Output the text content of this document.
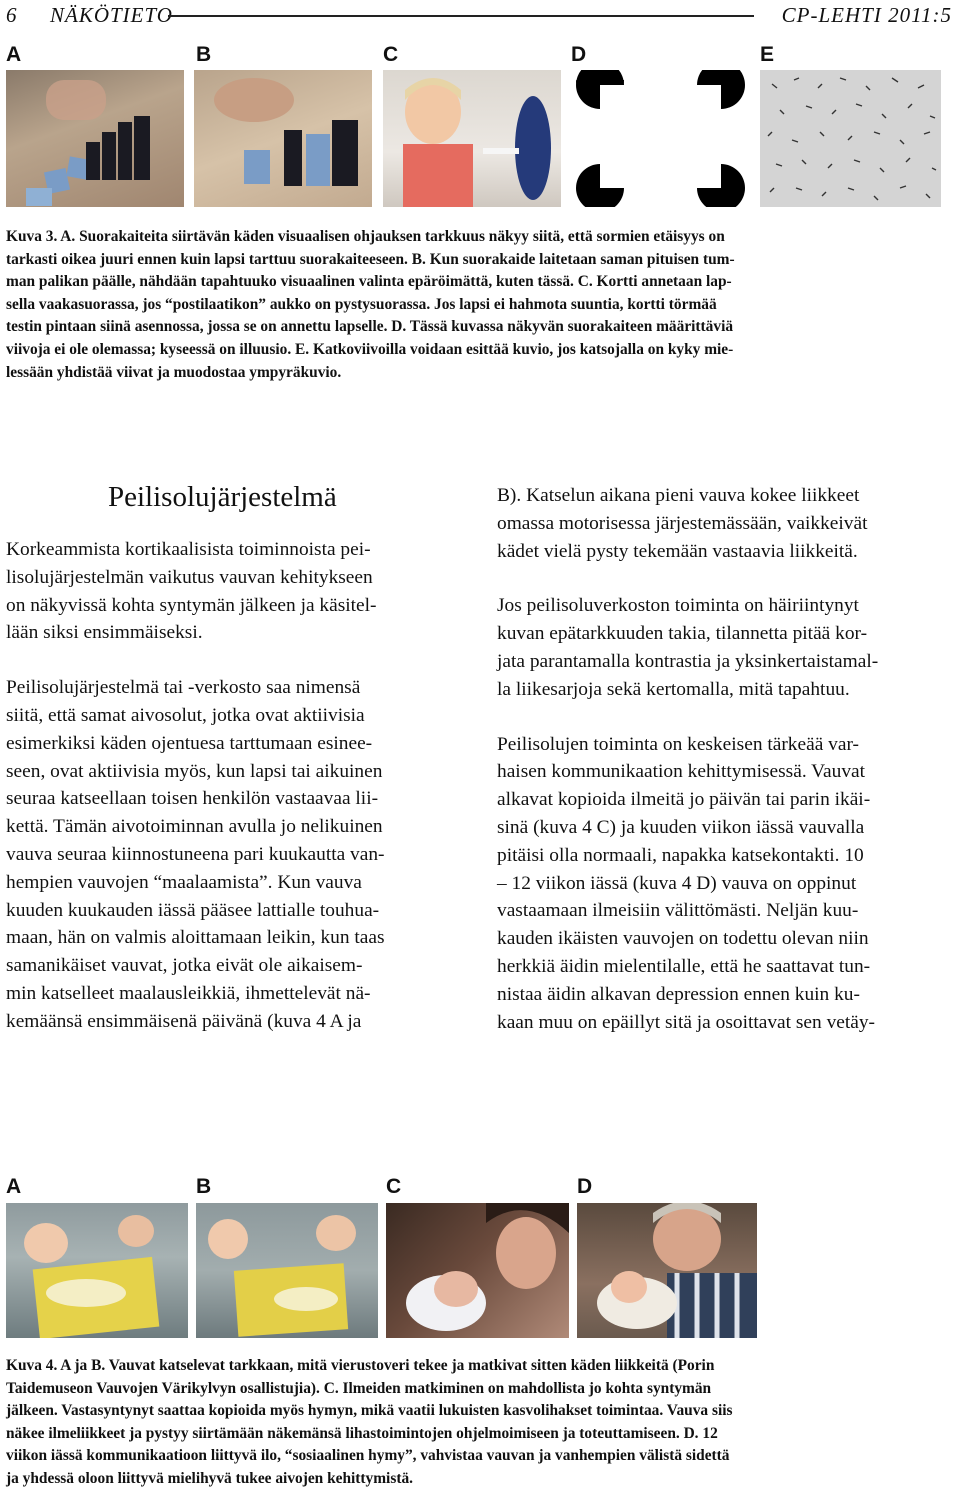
6 NÄKÖTIETO	CP-LEHTI 2011:5
A	B	C	D	E
Kuva 3. A. Suorakaiteita siirtävän käden visuaalisen ohjauksen tarkkuus näkyy siitä, että sormien etäisyys on
tarkasti oikea juuri ennen kuin lapsi tarttuu suorakaiteeseen. B. Kun suorakaide laitetaan saman pituisen tum-
man palikan päälle, nähdään tapahtuuko visuaalinen valinta epäröimättä, kuten tässä. C. Kortti annetaan lap-
sella vaakasuorassa, jos “postilaatikon” aukko on pystysuorassa. Jos lapsi ei hahmota suuntia, kortti törmää
testin pintaan siinä asennossa, jossa se on annettu lapselle. D. Tässä kuvassa näkyvän suorakaiteen määrittäviä
viivoja ei ole olemassa; kyseessä on illuusio. E. Katkoviivoilla voidaan esittää kuvio, jos katsojalla on kyky mie-
lessään yhdistää viivat ja muodostaa ympyräkuvio.
Peilisolujärjestelmä
Korkeammista kortikaalisista toiminnoista pei-
lisolujärjestelmän vaikutus vauvan kehitykseen
on näkyvissä kohta syntymän jälkeen ja käsitel-
lään siksi ensimmäiseksi.
Peilisolujärjestelmä tai -verkosto saa nimensä
siitä, että samat aivosolut, jotka ovat aktiivisia
esimerkiksi käden ojentuesa tarttumaan esinee-
seen, ovat aktiivisia myös, kun lapsi tai aikuinen
seuraa katseellaan toisen henkilön vastaavaa lii-
kettä. Tämän aivotoiminnan avulla jo nelikuinen
vauva seuraa kiinnostuneena pari kuukautta van-
hempien vauvojen “maalaamista”. Kun vauva
kuuden kuukauden iässä pääsee lattialle touhua-
maan, hän on valmis aloittamaan leikin, kun taas
samanikäiset vauvat, jotka eivät ole aikaisem-
min katselleet maalausleikkiä, ihmettelevät nä-
kemäänsä ensimmäisenä päivänä (kuva 4 A ja
B). Katselun aikana pieni vauva kokee liikkeet
omassa motorisessa järjestemässään, vaikkeivät
kädet vielä pysty tekemään vastaavia liikkeitä.
Jos peilisoluverkoston toiminta on häiriintynyt
kuvan epätarkkuuden takia, tilannetta pitää kor-
jata parantamalla kontrastia ja yksinkertaistamal-
la liikesarjoja sekä kertomalla, mitä tapahtuu.
Peilisolujen toiminta on keskeisen tärkeää var-
haisen kommunikaation kehittymisessä. Vauvat
alkavat kopioida ilmeitä jo päivän tai parin ikäi-
sinä (kuva 4 C) ja kuuden viikon iässä vauvalla
pitäisi olla normaali, napakka katsekontakti. 10
– 12 viikon iässä (kuva 4 D) vauva on oppinut
vastaamaan ilmeisiin välittömästi. Neljän kuu-
kauden ikäisten vauvojen on todettu olevan niin
herkkiä äidin mielentilalle, että he saattavat tun-
nistaa äidin alkavan depression ennen kuin ku-
kaan muu on epäillyt sitä ja osoittavat sen vetäy-
A	B	C	D
Kuva 4. A ja B. Vauvat katselevat tarkkaan, mitä vierustoveri tekee ja matkivat sitten käden liikkeitä (Porin
Taidemuseon Vauvojen Värikylvyn osallistujia). C. Ilmeiden matkiminen on mahdollista jo kohta syntymän
jälkeen. Vastasyntynyt saattaa kopioida myös hymyn, mikä vaatii lukuisten kasvolihakset toimintaa. Vauva siis
näkee ilmeliikkeet ja pystyy siirtämään näkemänsä lihastoimintojen ohjelmoimiseen ja toteuttamiseen. D. 12
viikon iässä kommunikaatioon liittyvä ilo, “sosiaalinen hymy”, vahvistaa vauvan ja vanhempien välistä sidettä
ja yhdessä oloon liittyvä mielihyvä tukee aivojen kehittymistä.
